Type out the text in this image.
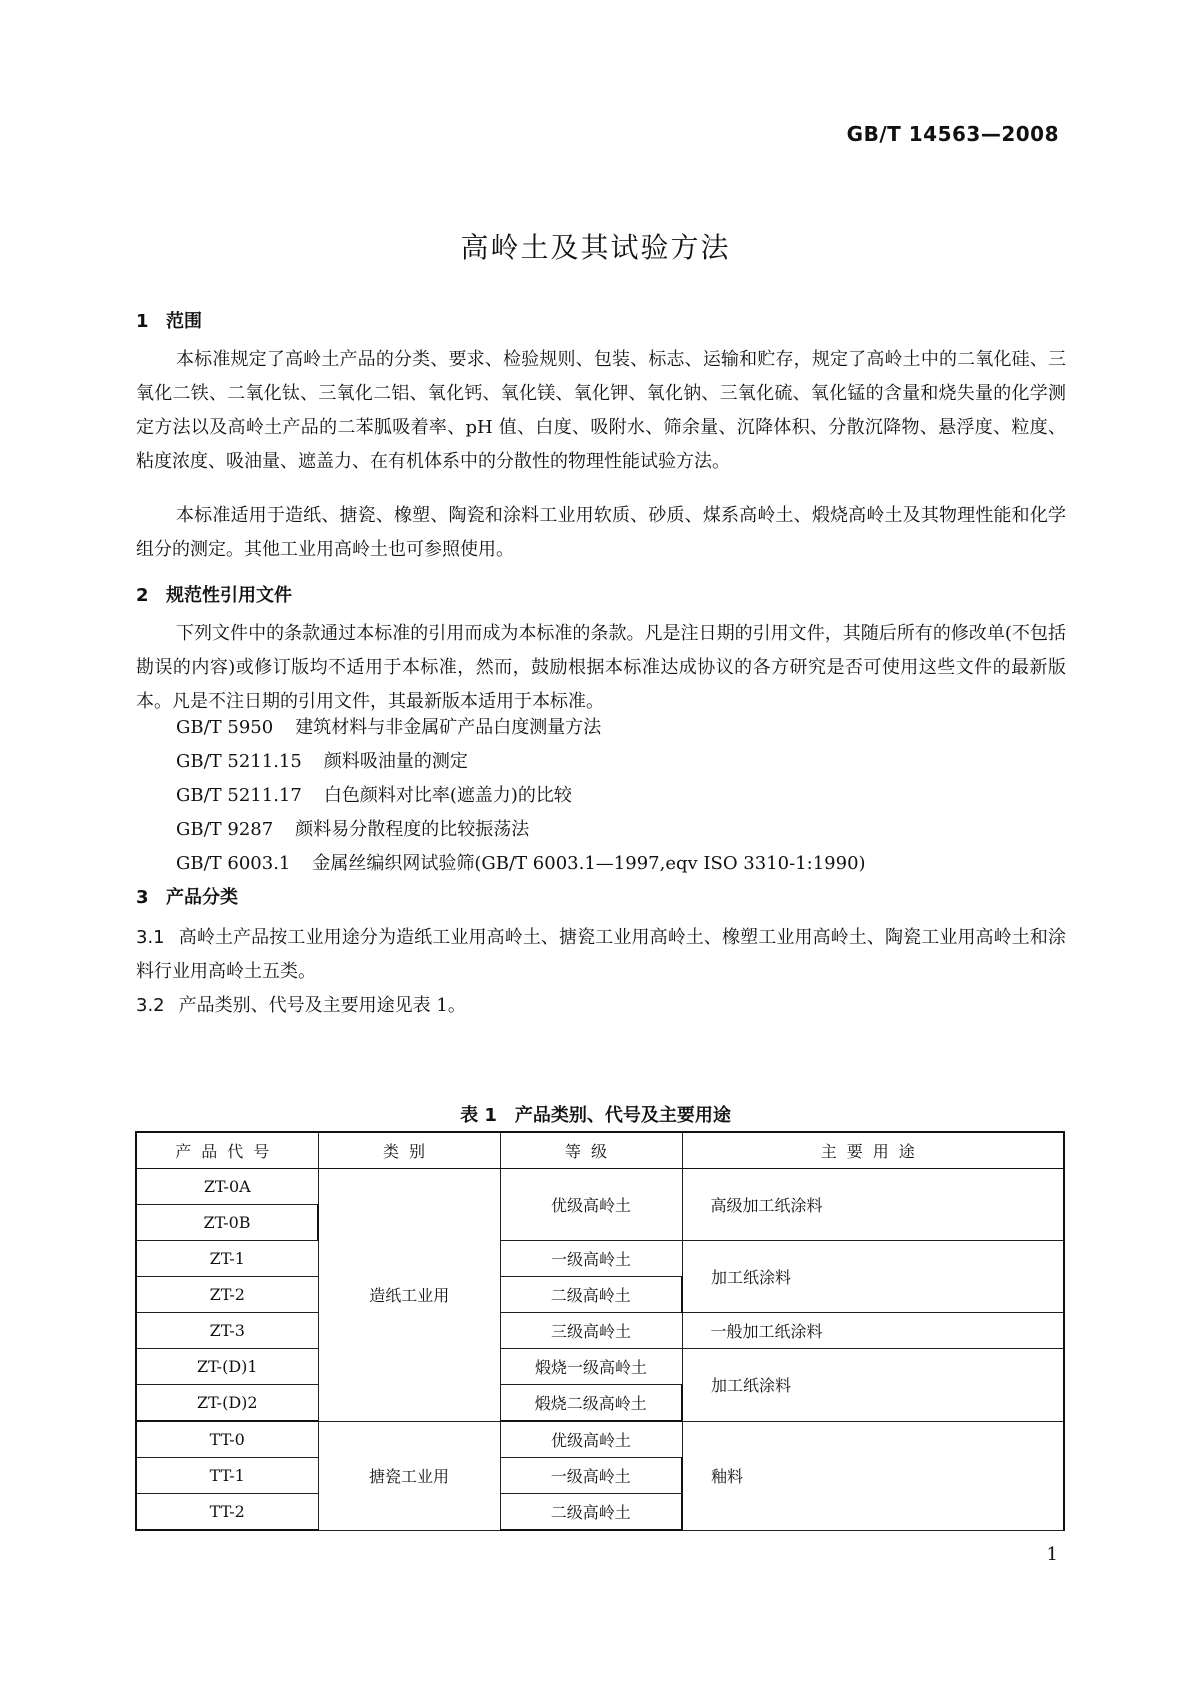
GB/T 14563—2008
高岭土及其试验方法
1 范围

本标准规定了高岭土产品的分类、要求、检验规则、包装、标志、运输和贮存，规定了高岭土中的二氧化硅、三氧化二铁、二氧化钛、三氧化二铝、氧化钙、氧化镁、氧化钾、氧化钠、三氧化硫、氧化锰的含量和烧失量的化学测定方法以及高岭土产品的二苯胍吸着率、pH 值、白度、吸附水、筛余量、沉降体积、分散沉降物、悬浮度、粒度、粘度浓度、吸油量、遮盖力、在有机体系中的分散性的物理性能试验方法。

本标准适用于造纸、搪瓷、橡塑、陶瓷和涂料工业用软质、砂质、煤系高岭土、煅烧高岭土及其物理性能和化学组分的测定。其他工业用高岭土也可参照使用。

2 规范性引用文件

下列文件中的条款通过本标准的引用而成为本标准的条款。凡是注日期的引用文件，其随后所有的修改单(不包括勘误的内容)或修订版均不适用于本标准，然而，鼓励根据本标准达成协议的各方研究是否可使用这些文件的最新版本。凡是不注日期的引用文件，其最新版本适用于本标准。

GB/T 5950 建筑材料与非金属矿产品白度测量方法
GB/T 5211.15 颜料吸油量的测定
GB/T 5211.17 白色颜料对比率(遮盖力)的比较
GB/T 9287 颜料易分散程度的比较振荡法
GB/T 6003.1 金属丝编织网试验筛(GB/T 6003.1—1997,eqv ISO 3310-1:1990)
3 产品分类

3.1 高岭土产品按工业用途分为造纸工业用高岭土、搪瓷工业用高岭土、橡塑工业用高岭土、陶瓷工业用高岭土和涂料行业用高岭土五类。

3.2 产品类别、代号及主要用途见表 1。

表 1　产品类别、代号及主要用途
产品代号	类别	等级	主要用途
ZT-0A	造纸工业用	优级高岭土	高级加工纸涂料
ZT-0B			
ZT-1		一级高岭土	加工纸涂料
ZT-2		二级高岭土	
ZT-3		三级高岭土	一般加工纸涂料
ZT-(D)1		煅烧一级高岭土	加工纸涂料
ZT-(D)2		煅烧二级高岭土	
TT-0	搪瓷工业用	优级高岭土	釉料
TT-1		一级高岭土	
TT-2		二级高岭土	
1
